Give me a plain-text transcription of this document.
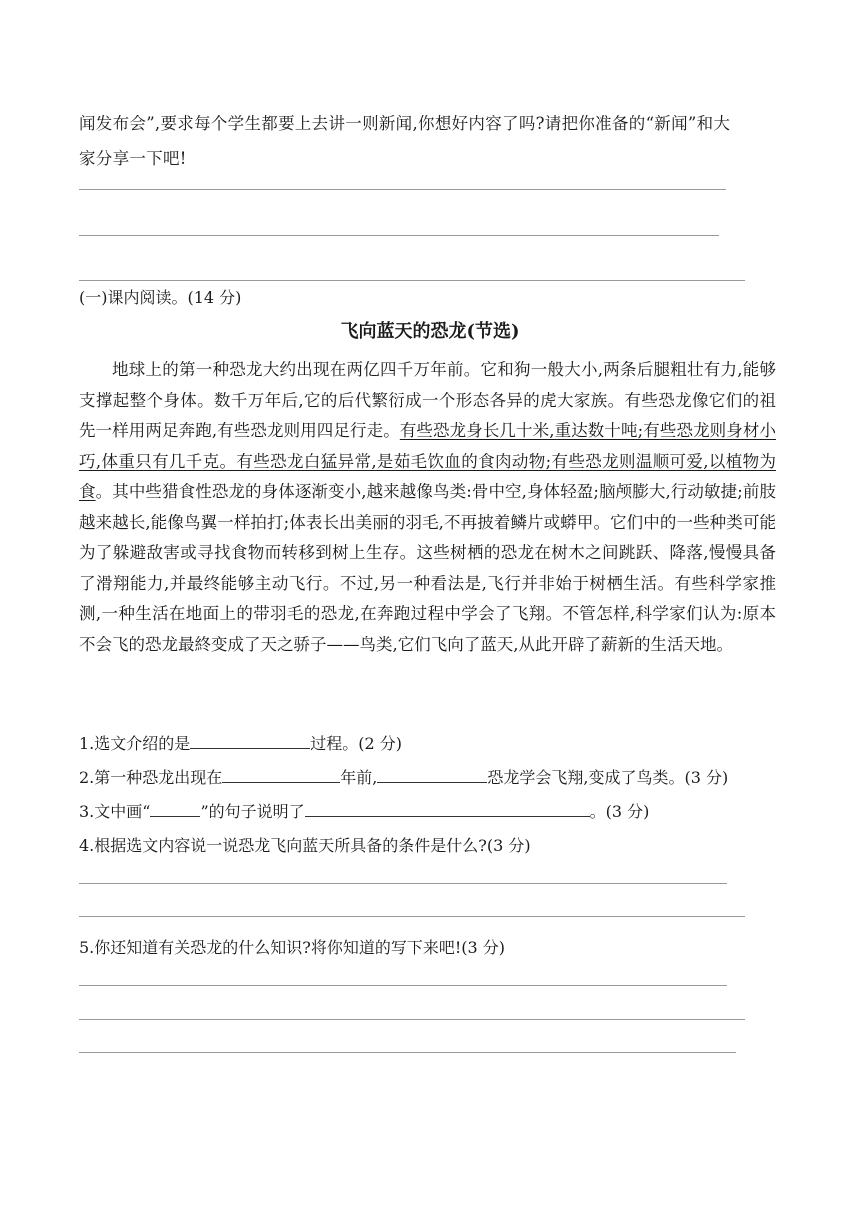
闻发布会”,要求每个学生都要上去讲一则新闻,你想好内容了吗?请把你准备的“新闻”和大
家分享一下吧!
(一)课内阅读。(14 分)
飞向蓝天的恐龙(节选)

地球上的第一种恐龙大约出现在两亿四千万年前。它和狗一般大小,两条后腿粗壮有力,能够支撑起整个身体。数千万年后,它的后代繁衍成一个形态各异的虎大家族。有些恐龙像它们的祖先一样用两足奔跑,有些恐龙则用四足行走。有些恐龙身长几十米,重达数十吨;有些恐龙则身材小巧,体重只有几千克。有些恐龙白猛异常,是茹毛饮血的食肉动物;有些恐龙则温顺可爱,以植物为食。其中些猎食性恐龙的身体逐渐变小,越来越像鸟类:骨中空,身体轻盈;脑颅膨大,行动敏捷;前肢越来越长,能像鸟翼一样拍打;体表长出美丽的羽毛,不再披着鳞片或蟒甲。它们中的一些种类可能为了躲避敌害或寻找食物而转移到树上生存。这些树栖的恐龙在树木之间跳跃、降落,慢慢具备了滑翔能力,并最终能够主动飞行。不过,另一种看法是,飞行并非始于树栖生活。有些科学家推测,一种生活在地面上的带羽毛的恐龙,在奔跑过程中学会了飞翔。不管怎样,科学家们认为:原本不会飞的恐龙最終变成了天之骄子——鸟类,它们飞向了蓝天,从此开辟了薪新的生活天地。

1.选文介绍的是	过程。(2 分)
2.第一种恐龙出现在	年前,	恐龙学会飞翔,变成了鸟类。(3 分)
3.文中画“	”的句子说明了	。(3 分)
4.根据选文内容说一说恐龙飞向蓝天所具备的条件是什么?(3 分)
5.你还知道有关恐龙的什么知识?将你知道的写下来吧!(3 分)
